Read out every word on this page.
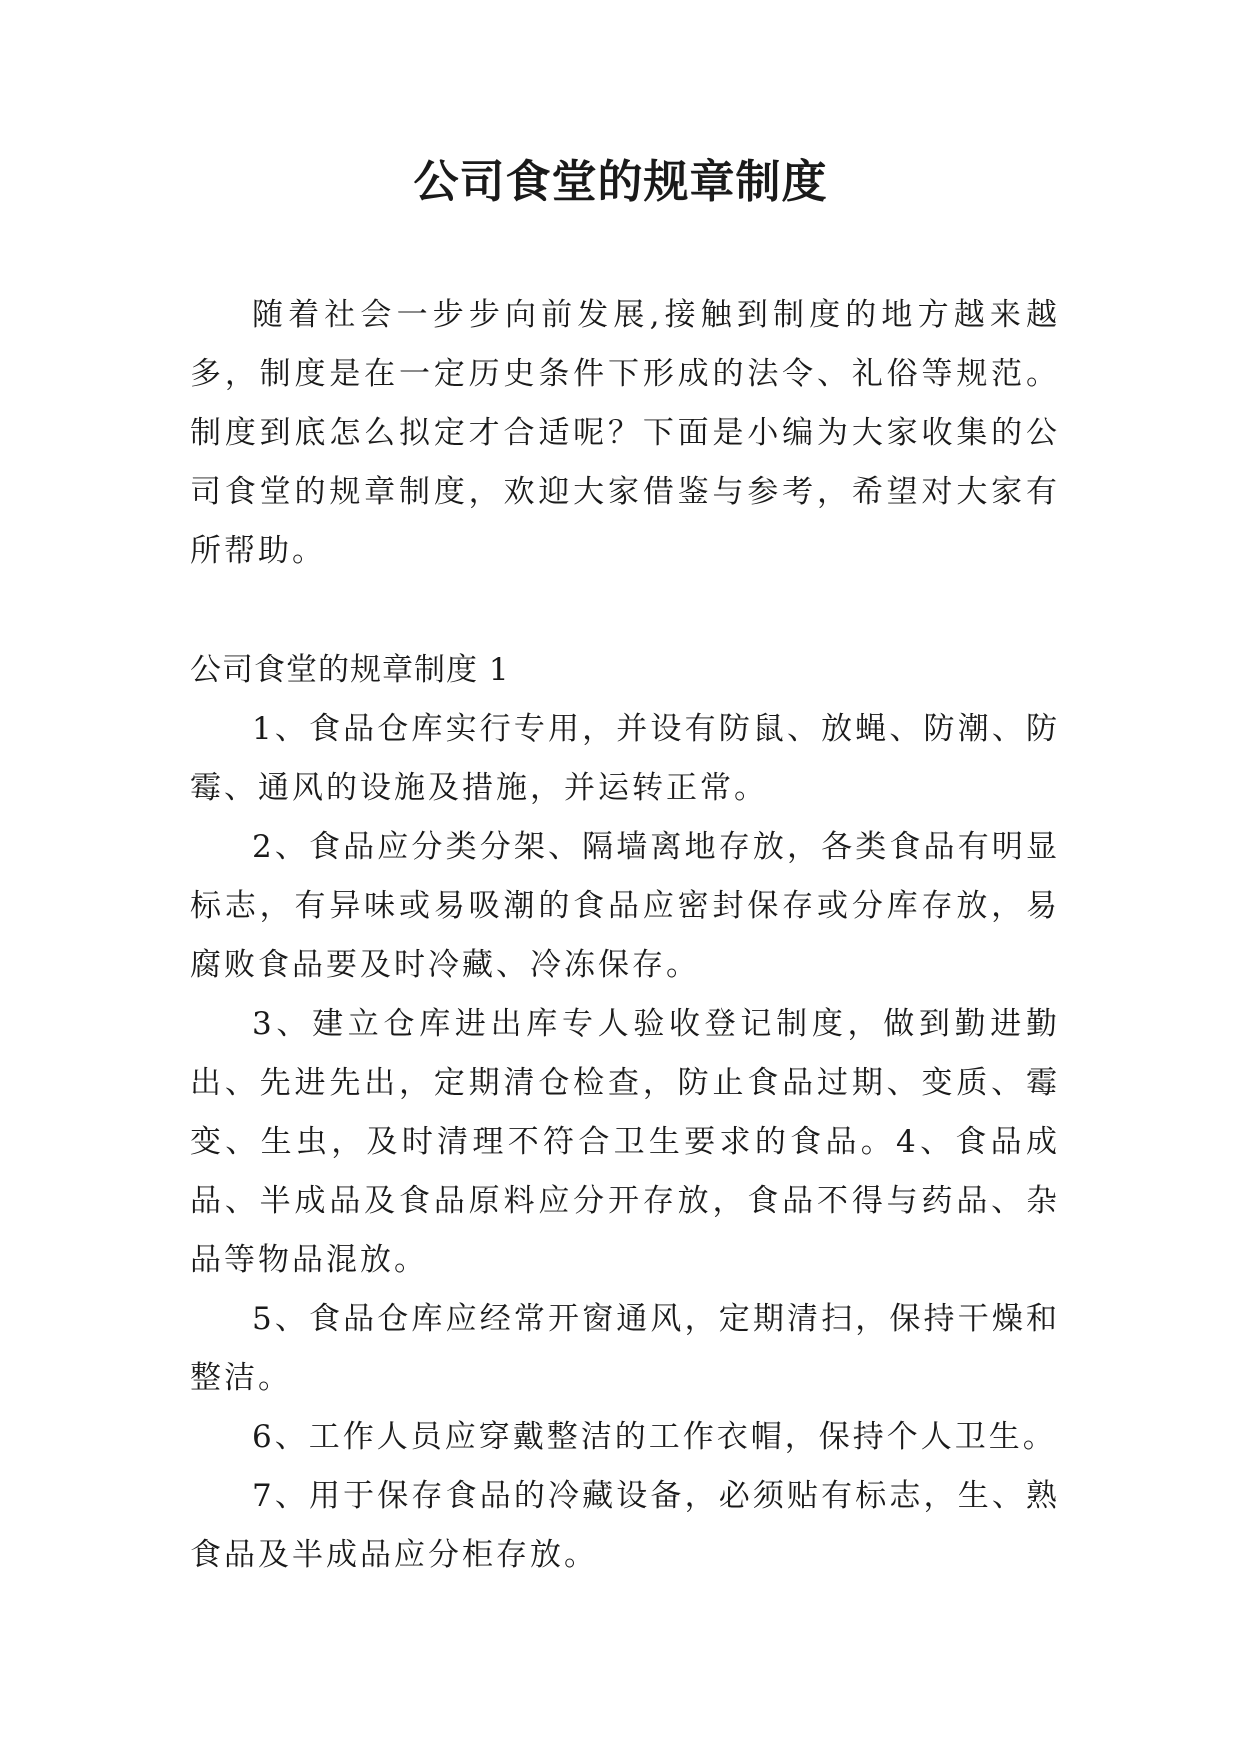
公司食堂的规章制度

随着社会一步步向前发展,接触到制度的地方越来越多，制度是在一定历史条件下形成的法令、礼俗等规范。制度到底怎么拟定才合适呢？下面是小编为大家收集的公司食堂的规章制度，欢迎大家借鉴与参考，希望对大家有所帮助。

公司食堂的规章制度 1

1、食品仓库实行专用，并设有防鼠、放蝇、防潮、防霉、通风的设施及措施，并运转正常。

2、食品应分类分架、隔墙离地存放，各类食品有明显标志，有异味或易吸潮的食品应密封保存或分库存放，易腐败食品要及时冷藏、冷冻保存。

3、建立仓库进出库专人验收登记制度，做到勤进勤出、先进先出，定期清仓检查，防止食品过期、变质、霉变、生虫，及时清理不符合卫生要求的食品。4、食品成品、半成品及食品原料应分开存放，食品不得与药品、杂品等物品混放。

5、食品仓库应经常开窗通风，定期清扫，保持干燥和整洁。

6、工作人员应穿戴整洁的工作衣帽，保持个人卫生。

7、用于保存食品的冷藏设备，必须贴有标志，生、熟食品及半成品应分柜存放。
